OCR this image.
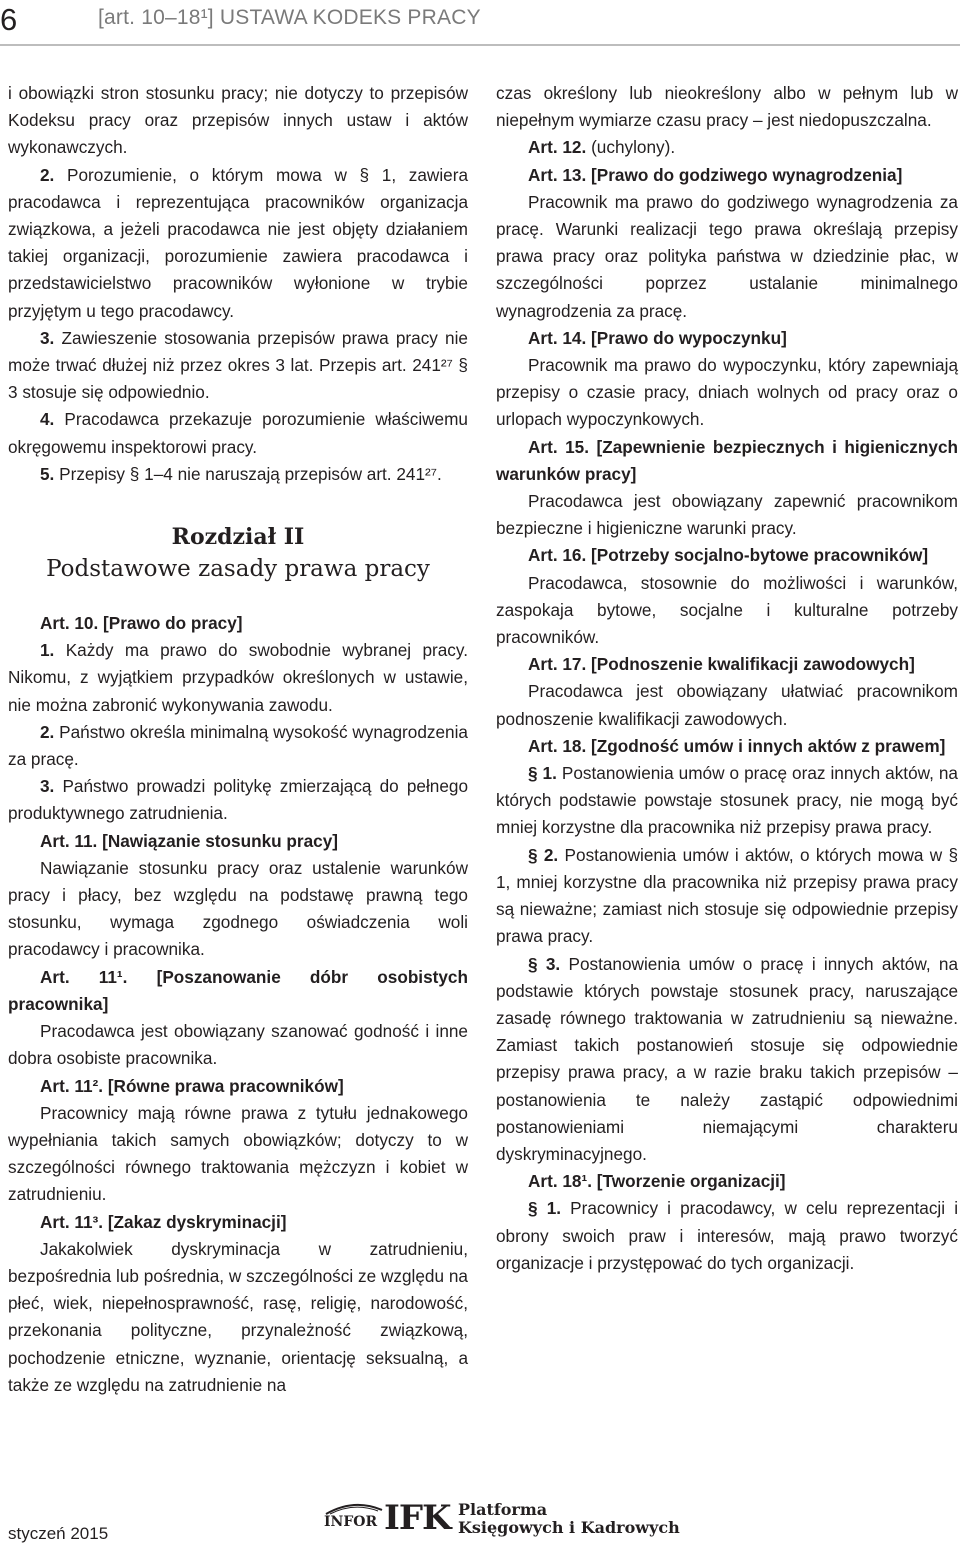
6	[art. 10–18¹] USTAWA KODEKS PRACY

i obowiązki stron stosunku pracy; nie dotyczy to przepisów Kodeksu pracy oraz przepisów innych ustaw i aktów wykonawczych.

2. Porozumienie, o którym mowa w § 1, zawiera pracodawca i reprezentująca pracowników organizacja związkowa, a jeżeli pracodawca nie jest objęty działaniem takiej organizacji, porozumienie zawiera pracodawca i przedstawicielstwo pracowników wyłonione w trybie przyjętym u tego pracodawcy.

3. Zawieszenie stosowania przepisów prawa pracy nie może trwać dłużej niż przez okres 3 lat. Przepis art. 241²⁷ § 3 stosuje się odpowiednio.

4. Pracodawca przekazuje porozumienie właściwemu okręgowemu inspektorowi pracy.

5. Przepisy § 1–4 nie naruszają przepisów art. 241²⁷.

Rozdział II
Podstawowe zasady prawa pracy

Art. 10. [Prawo do pracy]

1. Każdy ma prawo do swobodnie wybranej pracy. Nikomu, z wyjątkiem przypadków określonych w ustawie, nie można zabronić wykonywania zawodu.

2. Państwo określa minimalną wysokość wynagrodzenia za pracę.

3. Państwo prowadzi politykę zmierzającą do pełnego produktywnego zatrudnienia.

Art. 11. [Nawiązanie stosunku pracy]

Nawiązanie stosunku pracy oraz ustalenie warunków pracy i płacy, bez względu na podstawę prawną tego stosunku, wymaga zgodnego oświadczenia woli pracodawcy i pracownika.

Art. 11¹. [Poszanowanie dóbr osobistych pracownika]

Pracodawca jest obowiązany szanować godność i inne dobra osobiste pracownika.

Art. 11². [Równe prawa pracowników]

Pracownicy mają równe prawa z tytułu jednakowego wypełniania takich samych obowiązków; dotyczy to w szczególności równego traktowania mężczyzn i kobiet w zatrudnieniu.

Art. 11³. [Zakaz dyskryminacji]

Jakakolwiek dyskryminacja w zatrudnieniu, bezpośrednia lub pośrednia, w szczególności ze względu na płeć, wiek, niepełnosprawność, rasę, religię, narodowość, przekonania polityczne, przynależność związkową, pochodzenie etniczne, wyznanie, orientację seksualną, a także ze względu na zatrudnienie na

czas określony lub nieokreślony albo w pełnym lub w niepełnym wymiarze czasu pracy – jest niedopuszczalna.

Art. 12. (uchylony).

Art. 13. [Prawo do godziwego wynagrodzenia]

Pracownik ma prawo do godziwego wynagrodzenia za pracę. Warunki realizacji tego prawa określają przepisy prawa pracy oraz polityka państwa w dziedzinie płac, w szczególności poprzez ustalanie minimalnego wynagrodzenia za pracę.

Art. 14. [Prawo do wypoczynku]

Pracownik ma prawo do wypoczynku, który zapewniają przepisy o czasie pracy, dniach wolnych od pracy oraz o urlopach wypoczynkowych.

Art. 15. [Zapewnienie bezpiecznych i higienicznych warunków pracy]

Pracodawca jest obowiązany zapewnić pracownikom bezpieczne i higieniczne warunki pracy.

Art. 16. [Potrzeby socjalno-bytowe pracowników]

Pracodawca, stosownie do możliwości i warunków, zaspokaja bytowe, socjalne i kulturalne potrzeby pracowników.

Art. 17. [Podnoszenie kwalifikacji zawodowych]

Pracodawca jest obowiązany ułatwiać pracownikom podnoszenie kwalifikacji zawodowych.

Art. 18. [Zgodność umów i innych aktów z prawem]

§ 1. Postanowienia umów o pracę oraz innych aktów, na których podstawie powstaje stosunek pracy, nie mogą być mniej korzystne dla pracownika niż przepisy prawa pracy.

§ 2. Postanowienia umów i aktów, o których mowa w § 1, mniej korzystne dla pracownika niż przepisy prawa pracy są nieważne; zamiast nich stosuje się odpowiednie przepisy prawa pracy.

§ 3. Postanowienia umów o pracę i innych aktów, na podstawie których powstaje stosunek pracy, naruszające zasadę równego traktowania w zatrudnieniu są nieważne. Zamiast takich postanowień stosuje się odpowiednie przepisy prawa pracy, a w razie braku takich przepisów – postanowienia te należy zastąpić odpowiednimi postanowieniami niemającymi charakteru dyskryminacyjnego.

Art. 18¹. [Tworzenie organizacji]

§ 1. Pracownicy i pracodawcy, w celu reprezentacji i obrony swoich praw i interesów, mają prawo tworzyć organizacje i przystępować do tych organizacji.

styczeń 2015
INFOR IFK Platforma
Księgowych i Kadrowych
